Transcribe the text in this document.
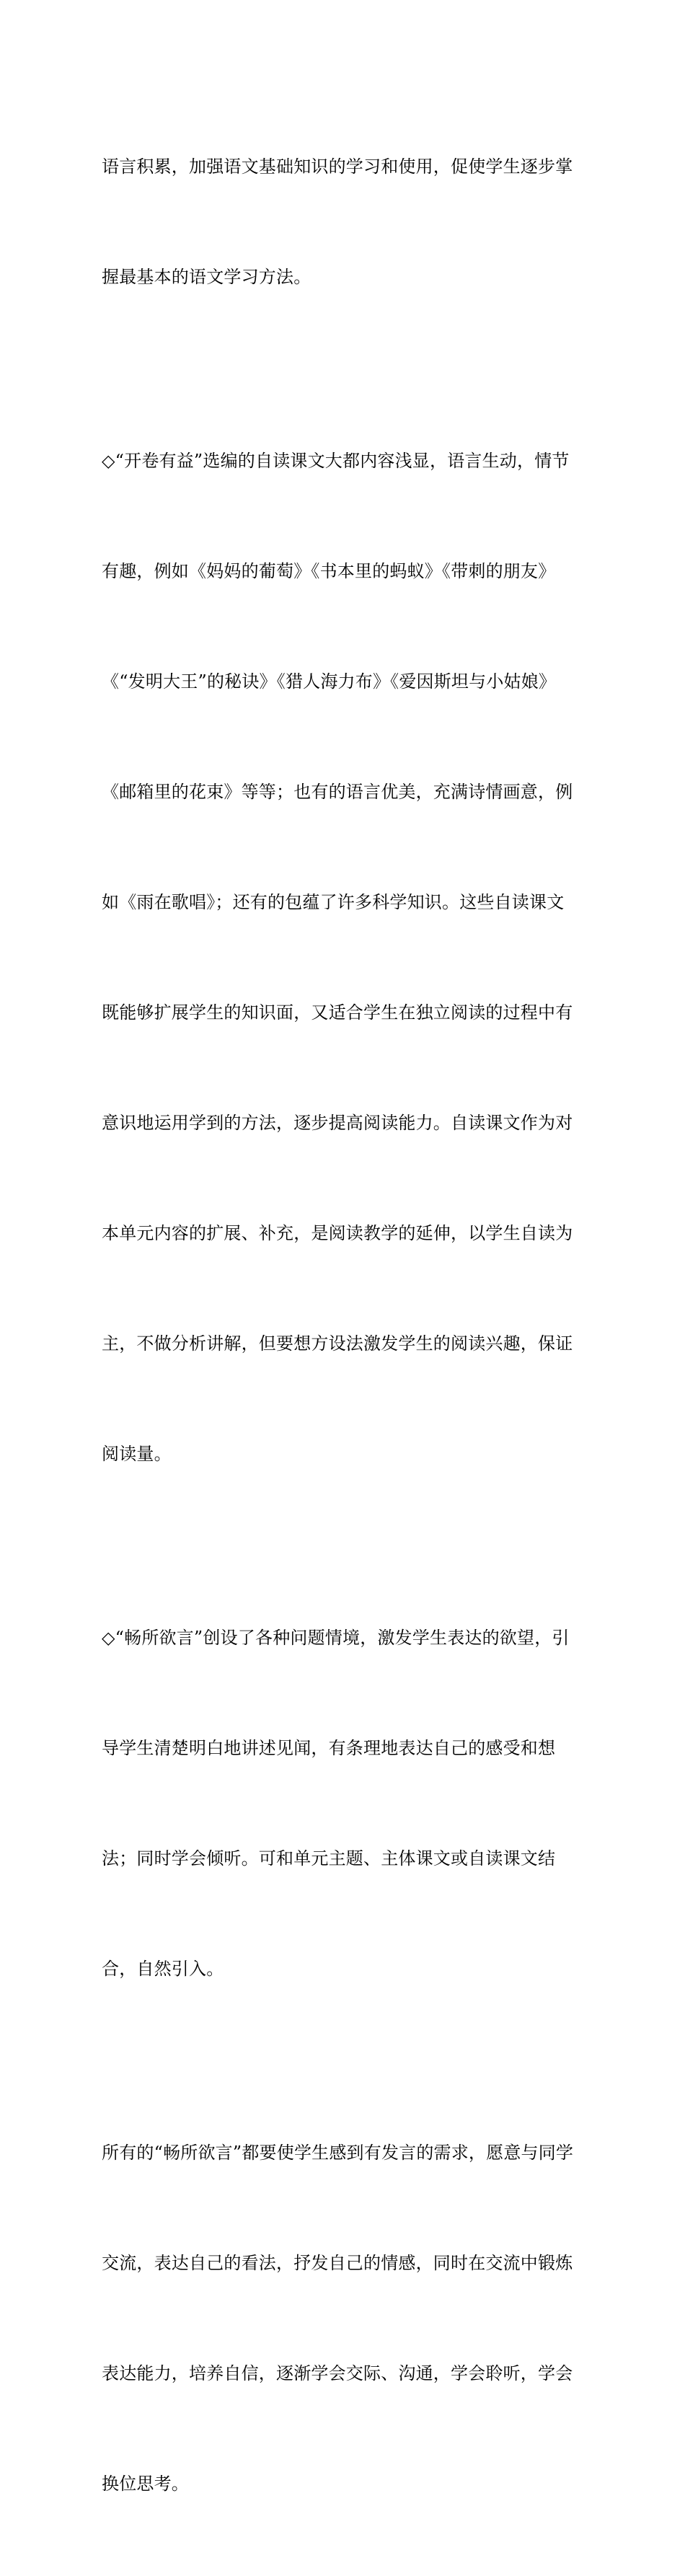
语言积累，加强语文基础知识的学习和使用，促使学生逐步掌

握最基本的语文学习方法。

◇“开卷有益”选编的自读课文大都内容浅显，语言生动，情节

有趣，例如《妈妈的葡萄》《书本里的蚂蚁》《带刺的朋友》

《“发明大王”的秘诀》《猎人海力布》《爱因斯坦与小姑娘》

《邮箱里的花束》等等；也有的语言优美，充满诗情画意，例

如《雨在歌唱》；还有的包蕴了许多科学知识。这些自读课文

既能够扩展学生的知识面，又适合学生在独立阅读的过程中有

意识地运用学到的方法，逐步提高阅读能力。自读课文作为对

本单元内容的扩展、补充，是阅读教学的延伸，以学生自读为

主，不做分析讲解，但要想方设法激发学生的阅读兴趣，保证

阅读量。

◇“畅所欲言”创设了各种问题情境，激发学生表达的欲望，引

导学生清楚明白地讲述见闻，有条理地表达自己的感受和想

法；同时学会倾听。可和单元主题、主体课文或自读课文结

合，自然引入。

所有的“畅所欲言”都要使学生感到有发言的需求，愿意与同学

交流，表达自己的看法，抒发自己的情感，同时在交流中锻炼

表达能力，培养自信，逐渐学会交际、沟通，学会聆听，学会

换位思考。
